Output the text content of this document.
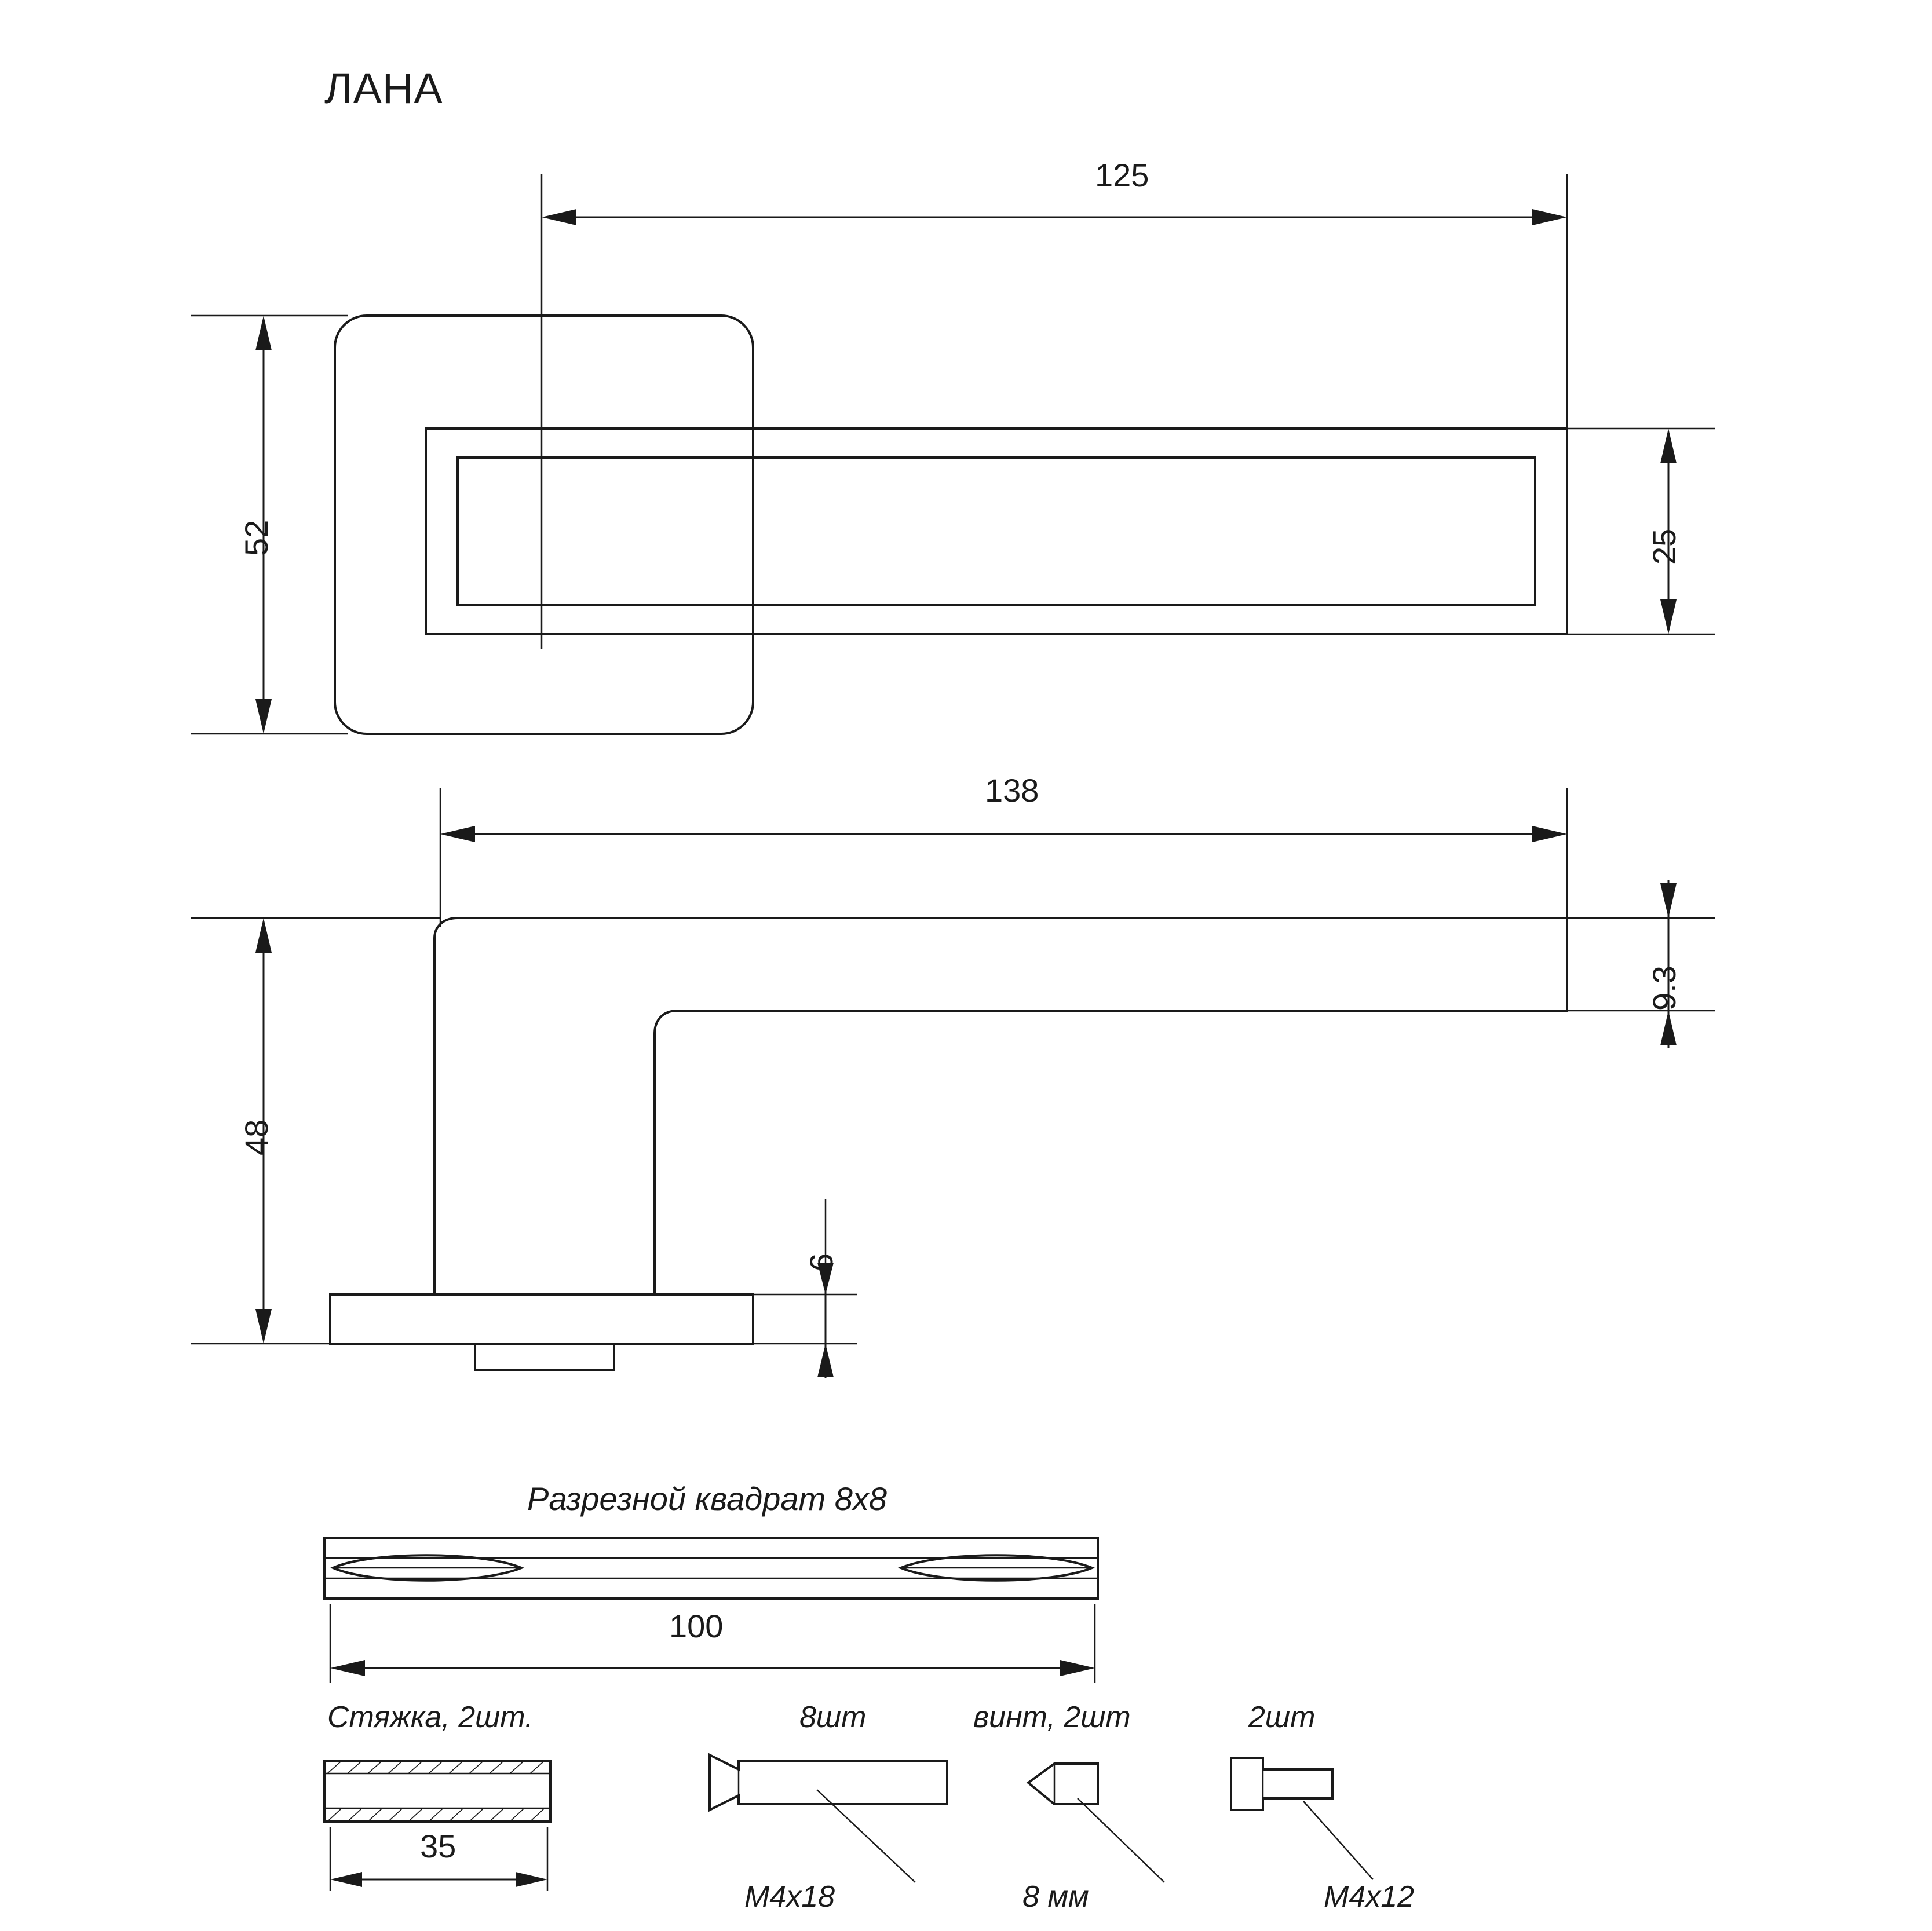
ЛАНА
125
52	25
138
48
9.3
6
Разрезной квадрат 8x8
100
Стяжка, 2шт.
35
8шт
M4x18
винт, 2шт
8 мм
2шт
M4x12
